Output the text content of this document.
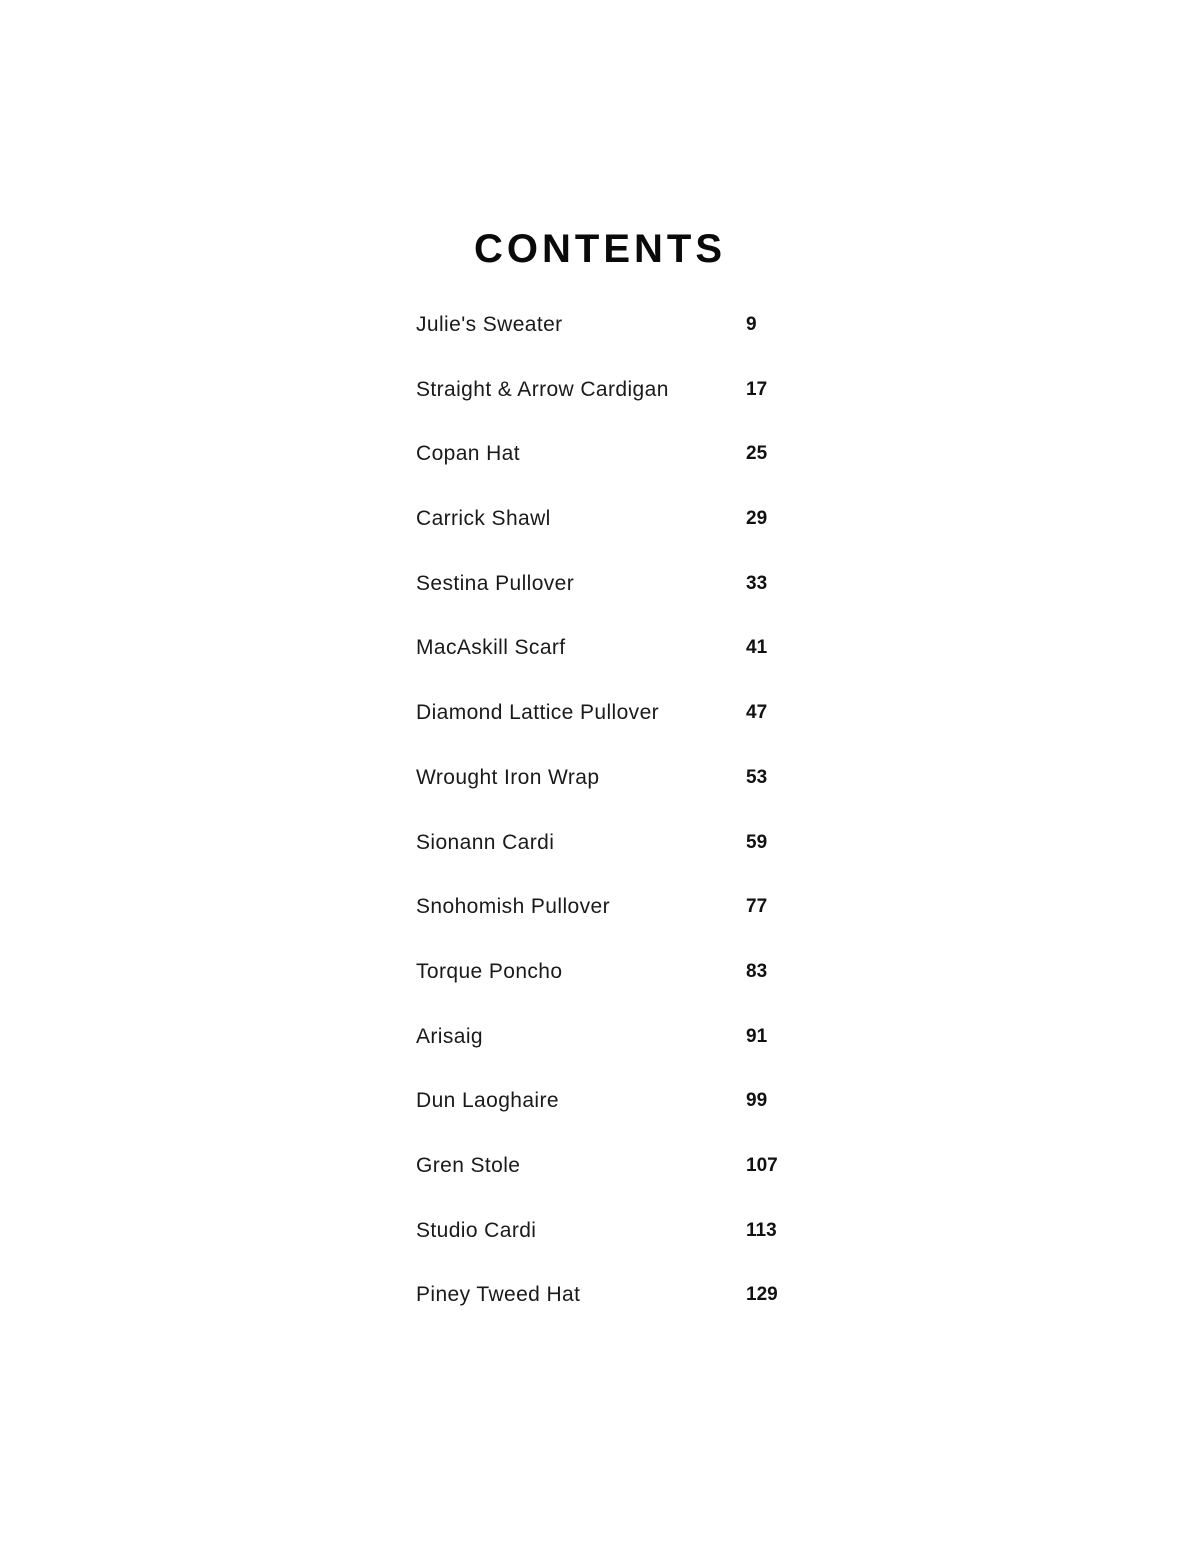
CONTENTS
Julie's Sweater	9
Straight & Arrow Cardigan	17
Copan Hat	25
Carrick Shawl	29
Sestina Pullover	33
MacAskill Scarf	41
Diamond Lattice Pullover	47
Wrought Iron Wrap	53
Sionann Cardi	59
Snohomish Pullover	77
Torque Poncho	83
Arisaig	91
Dun Laoghaire	99
Gren Stole	107
Studio Cardi	113
Piney Tweed Hat	129
